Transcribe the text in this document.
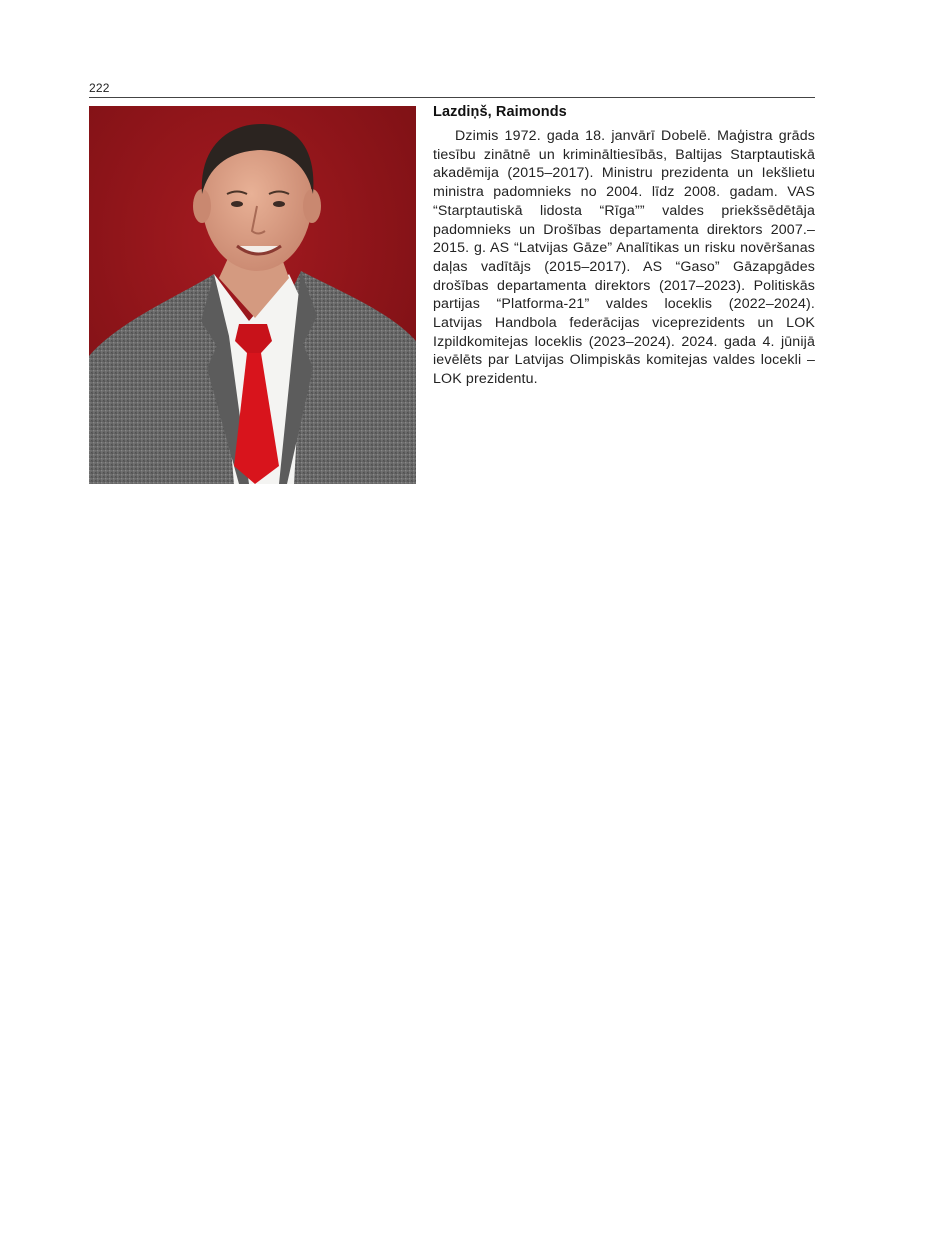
222
Lazdiņš, Raimonds

Dzimis 1972. gada 18. janvārī Dobelē. Maģistra grāds tiesību zinātnē un krimināltiesībās, Baltijas Starptautiskā akadēmija (2015–2017). Ministru prezidenta un Iekšlietu ministra padomnieks no 2004. līdz 2008. gadam. VAS “Starptautiskā lidosta “Rīga”” valdes priekšsēdētāja padomnieks un Drošības departamenta direktors 2007.–2015. g. AS “Latvijas Gāze” Analītikas un risku novēršanas daļas vadītājs (2015–2017). AS “Gaso” Gāzapgādes drošības departamenta direktors (2017–2023). Politiskās partijas “Platforma-21” valdes loceklis (2022–2024). Latvijas Handbola federācijas viceprezidents un LOK Izpildkomitejas loceklis (2023–2024). 2024. gada 4. jūnijā ievēlēts par Latvijas Olimpiskās komitejas valdes locekli – LOK prezidentu.
